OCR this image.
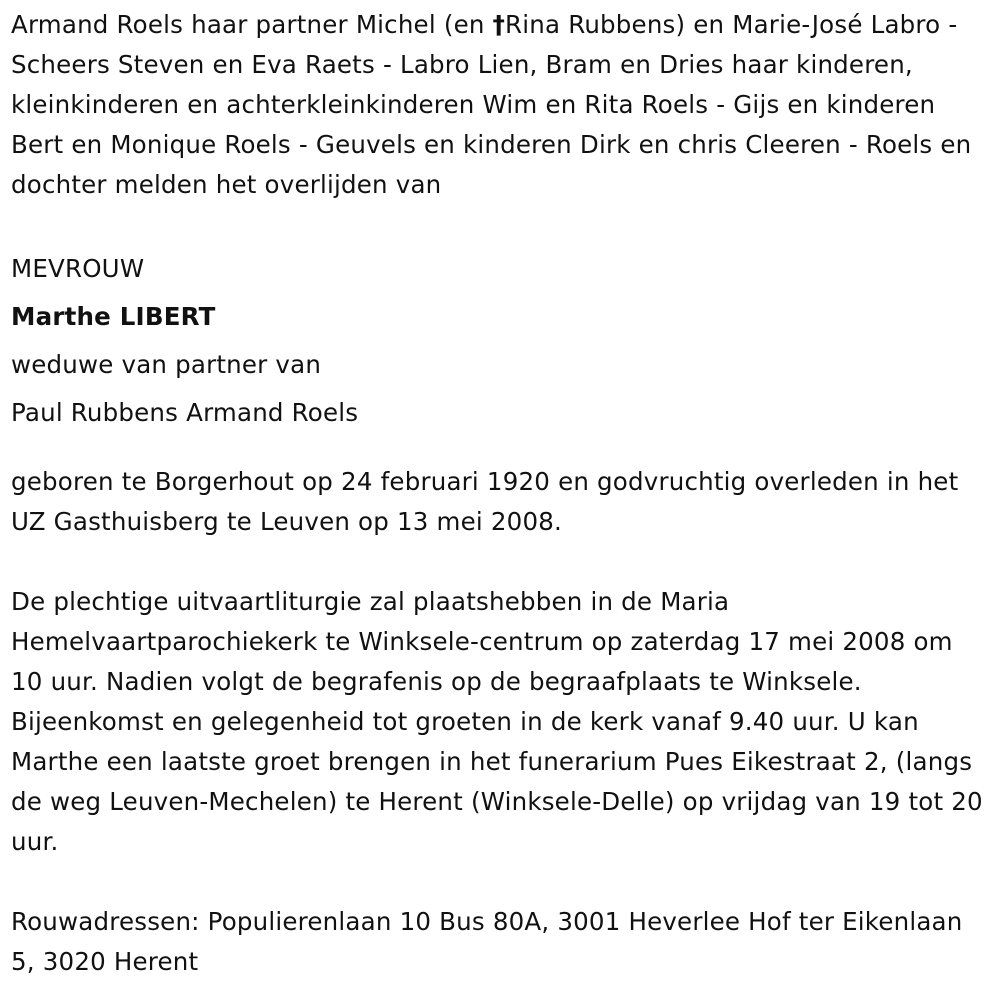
Armand Roels haar partner Michel (en †Rina Rubbens) en Marie-José Labro - Scheers Steven en Eva Raets - Labro Lien, Bram en Dries haar kinderen, kleinkinderen en achterkleinkinderen Wim en Rita Roels - Gijs en kinderen Bert en Monique Roels - Geuvels en kinderen Dirk en chris Cleeren - Roels en dochter melden het overlijden van

MEVROUW

Marthe LIBERT

weduwe van partner van

Paul Rubbens Armand Roels

geboren te Borgerhout op 24 februari 1920 en godvruchtig overleden in het UZ Gasthuisberg te Leuven op 13 mei 2008.

De plechtige uitvaartliturgie zal plaatshebben in de Maria Hemelvaartparochiekerk te Winksele-centrum op zaterdag 17 mei 2008 om 10 uur. Nadien volgt de begrafenis op de begraafplaats te Winksele. Bijeenkomst en gelegenheid tot groeten in de kerk vanaf 9.40 uur. U kan Marthe een laatste groet brengen in het funerarium Pues Eikestraat 2, (langs de weg Leuven-Mechelen) te Herent (Winksele-Delle) op vrijdag van 19 tot 20 uur.

Rouwadressen: Populierenlaan 10 Bus 80A, 3001 Heverlee Hof ter Eikenlaan 5, 3020 Herent
